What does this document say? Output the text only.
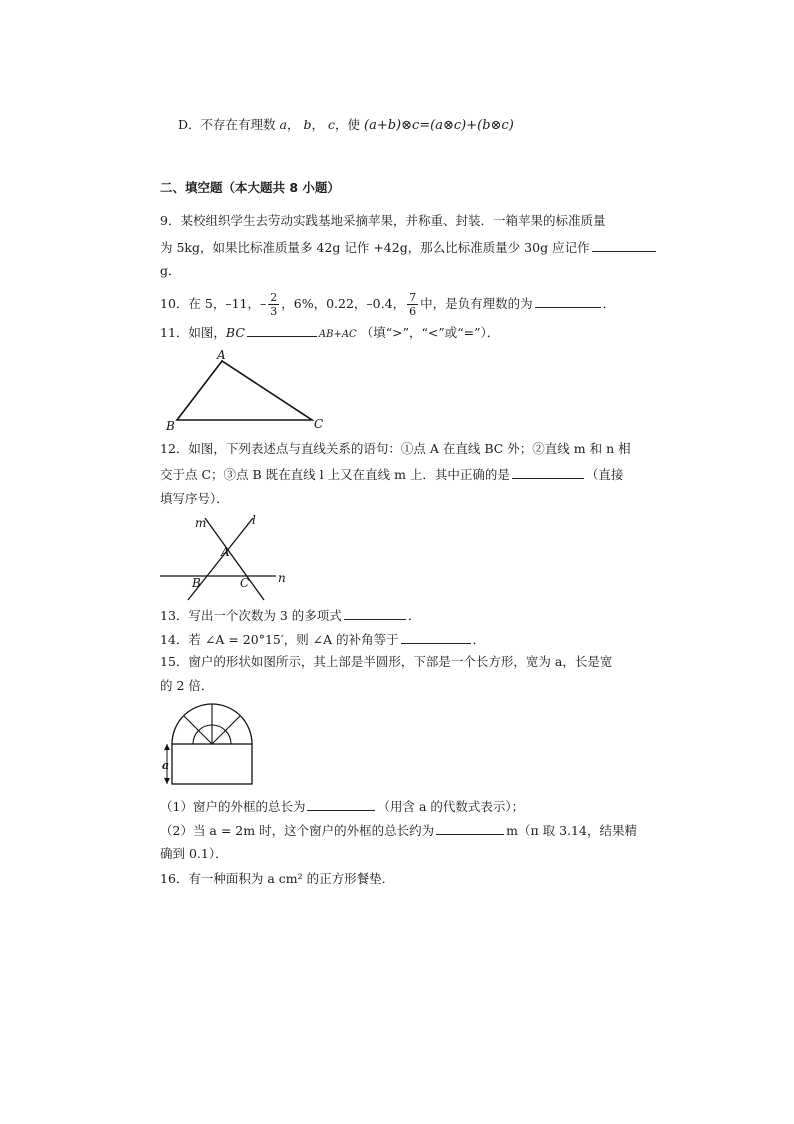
D．不存在有理数 a， b， c，使 (a+b)⊗c=(a⊗c)+(b⊗c)
二、填空题（本大题共 8 小题）
9．某校组织学生去劳动实践基地采摘苹果，并称重、封装．一箱苹果的标准质量
为 5kg，如果比标准质量多 42g 记作 +42g，那么比标准质量少 30g 应记作
g．
10．在 5，–11，– $\frac{2}{3}$ ，6%，0.22，–0.4̇， $\frac{7}{6}$ 中，是负有理数的为	．
11．如图，BC	AB+AC （填“>”，“<”或“=”）．
A
B	C
12．如图，下列表述点与直线关系的语句：①点 A 在直线 BC 外；②直线 m 和 n 相
交于点 C；③点 B 既在直线 l 上又在直线 m 上．其中正确的是	（直接
填写序号）．
m	l
A
B	C n
13．写出一个次数为 3 的多项式	．
14．若 ∠A = 20°15′，则 ∠A 的补角等于	．
15．窗户的形状如图所示，其上部是半圆形，下部是一个长方形，宽为 a，长是宽
的 2 倍．
a
（1）窗户的外框的总长为	（用含 a 的代数式表示）；
（2）当 a = 2m 时，这个窗户的外框的总长约为	m（π 取 3.14，结果精
确到 0.1）．
16．有一种面积为 a cm² 的正方形餐垫．
